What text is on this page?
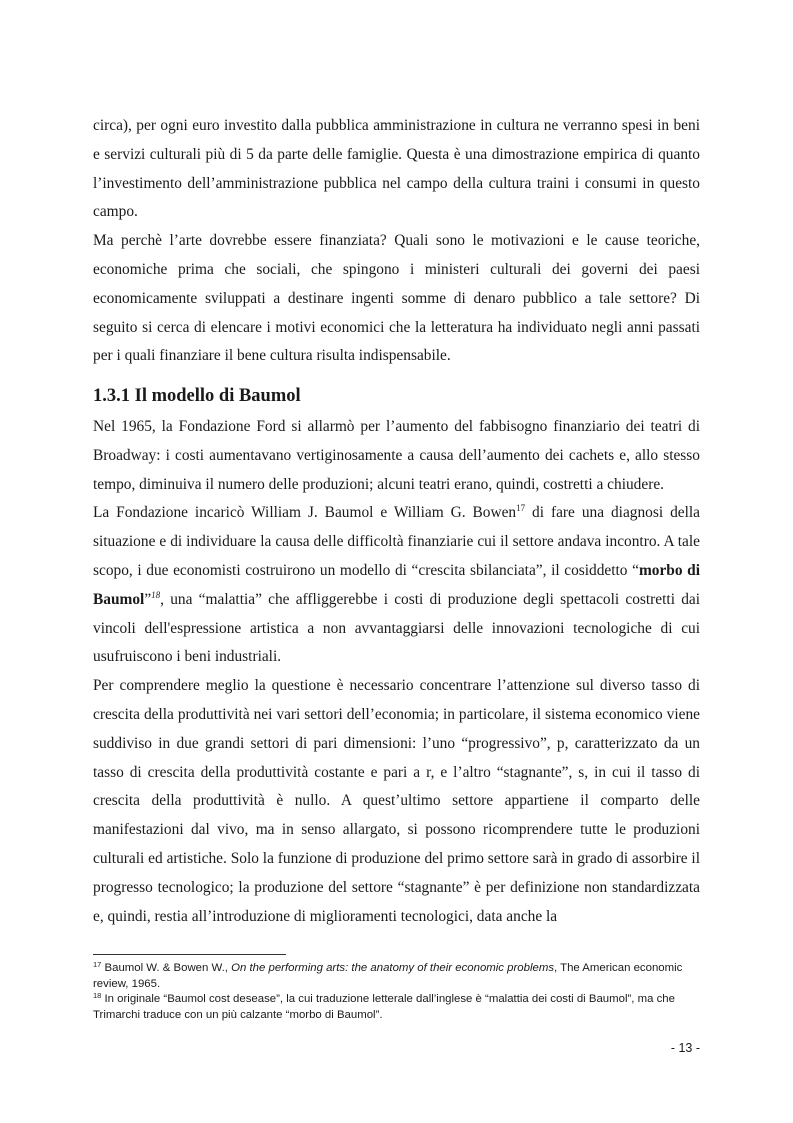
circa), per ogni euro investito dalla pubblica amministrazione in cultura ne verranno spesi in beni e servizi culturali più di 5 da parte delle famiglie. Questa è una dimostrazione empirica di quanto l’investimento dell’amministrazione pubblica nel campo della cultura traini i consumi in questo campo.

Ma perchè l’arte dovrebbe essere finanziata? Quali sono le motivazioni e le cause teoriche, economiche prima che sociali, che spingono i ministeri culturali dei governi dei paesi economicamente sviluppati a destinare ingenti somme di denaro pubblico a tale settore? Di seguito si cerca di elencare i motivi economici che la letteratura ha individuato negli anni passati per i quali finanziare il bene cultura risulta indispensabile.

1.3.1 Il modello di Baumol

Nel 1965, la Fondazione Ford si allarmò per l’aumento del fabbisogno finanziario dei teatri di Broadway: i costi aumentavano vertiginosamente a causa dell’aumento dei cachets e, allo stesso tempo, diminuiva il numero delle produzioni; alcuni teatri erano, quindi, costretti a chiudere.

La Fondazione incaricò William J. Baumol e William G. Bowen$^{17}$ di fare una diagnosi della situazione e di individuare la causa delle difficoltà finanziarie cui il settore andava incontro. A tale scopo, i due economisti costruirono un modello di “crescita sbilanciata”, il cosiddetto “morbo di Baumol”$^{18}$, una “malattia” che affliggerebbe i costi di produzione degli spettacoli costretti dai vincoli dell'espressione artistica a non avvantaggiarsi delle innovazioni tecnologiche di cui usufruiscono i beni industriali.

Per comprendere meglio la questione è necessario concentrare l’attenzione sul diverso tasso di crescita della produttività nei vari settori dell’economia; in particolare, il sistema economico viene suddiviso in due grandi settori di pari dimensioni: l’uno “progressivo”, p, caratterizzato da un tasso di crescita della produttività costante e pari a r, e l’altro “stagnante”, s, in cui il tasso di crescita della produttività è nullo. A quest’ultimo settore appartiene il comparto delle manifestazioni dal vivo, ma in senso allargato, si possono ricomprendere tutte le produzioni culturali ed artistiche. Solo la funzione di produzione del primo settore sarà in grado di assorbire il progresso tecnologico; la produzione del settore “stagnante” è per definizione non standardizzata e, quindi, restia all’introduzione di miglioramenti tecnologici, data anche la

$^{17}$ Baumol W. & Bowen W., On the performing arts: the anatomy of their economic problems, The American economic review, 1965.

$^{18}$ In originale “Baumol cost desease”, la cui traduzione letterale dall’inglese è “malattia dei costi di Baumol”, ma che Trimarchi traduce con un più calzante “morbo di Baumol”.

- 13 -
